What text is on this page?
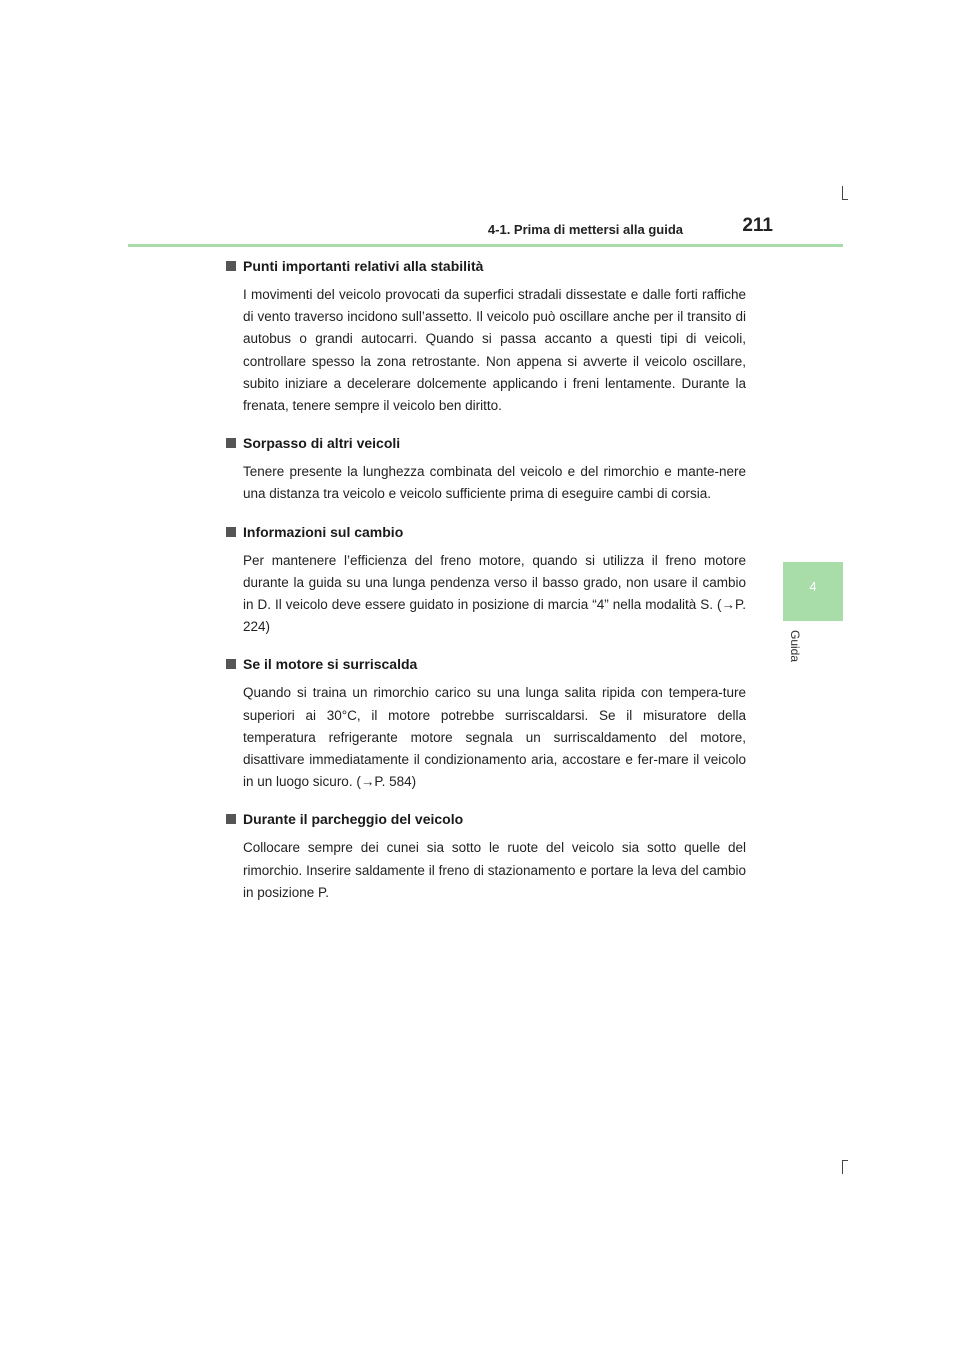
4-1. Prima di mettersi alla guida	211
4
Guida
Punti importanti relativi alla stabilità
I movimenti del veicolo provocati da superfici stradali dissestate e dalle forti raffiche di vento traverso incidono sull’assetto. Il veicolo può oscillare anche per il transito di autobus o grandi autocarri. Quando si passa accanto a questi tipi di veicoli, controllare spesso la zona retrostante. Non appena si avverte il veicolo oscillare, subito iniziare a decelerare dolcemente applicando i freni lentamente. Durante la frenata, tenere sempre il veicolo ben diritto.
Sorpasso di altri veicoli
Tenere presente la lunghezza combinata del veicolo e del rimorchio e mante-nere una distanza tra veicolo e veicolo sufficiente prima di eseguire cambi di corsia.
Informazioni sul cambio
Per mantenere l’efficienza del freno motore, quando si utilizza il freno motore durante la guida su una lunga pendenza verso il basso grado, non usare il cambio in D. Il veicolo deve essere guidato in posizione di marcia “4” nella modalità S. (→P. 224)
Se il motore si surriscalda
Quando si traina un rimorchio carico su una lunga salita ripida con tempera-ture superiori ai 30°C, il motore potrebbe surriscaldarsi. Se il misuratore della temperatura refrigerante motore segnala un surriscaldamento del motore, disattivare immediatamente il condizionamento aria, accostare e fer-mare il veicolo in un luogo sicuro. (→P. 584)
Durante il parcheggio del veicolo
Collocare sempre dei cunei sia sotto le ruote del veicolo sia sotto quelle del rimorchio. Inserire saldamente il freno di stazionamento e portare la leva del cambio in posizione P.
